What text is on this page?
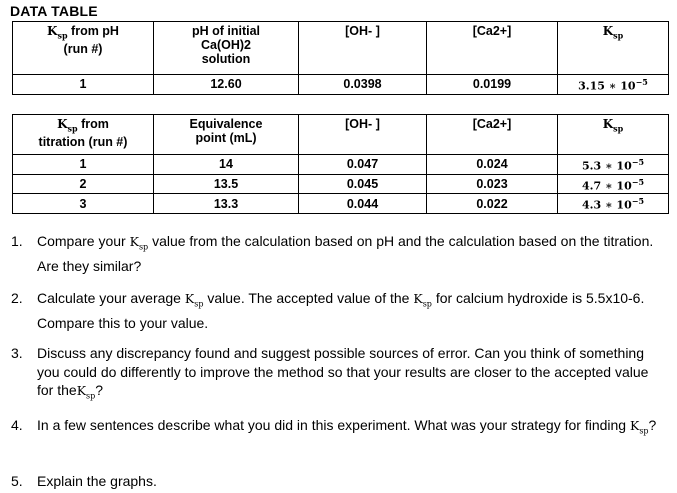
DATA TABLE
$K_{sp}$ from pH
(run #)	pH of initial
Ca(OH)2
solution	[OH- ]	[Ca2+]	$K_{sp}$
1	12.60	0.0398	0.0199	3.15 ∗ $10^{-5}$
$K_{sp}$ from
titration (run #)	Equivalence
point (mL)	[OH- ]	[Ca2+]	$K_{sp}$
1	14	0.047	0.024	5.3 ∗ $10^{-5}$
2	13.5	0.045	0.023	4.7 ∗ $10^{-5}$
3	13.3	0.044	0.022	4.3 ∗ $10^{-5}$
1. Compare your $K_{sp}$ value from the calculation based on pH and the calculation based on the titration. Are they similar?
2. Calculate your average $K_{sp}$ value. The accepted value of the $K_{sp}$ for calcium hydroxide is 5.5x10-6. Compare this to your value.
3. Discuss any discrepancy found and suggest possible sources of error. Can you think of something you could do differently to improve the method so that your results are closer to the accepted value for theK$_{sp}$?
4. In a few sentences describe what you did in this experiment. What was your strategy for finding $K_{sp}$?
5. Explain the graphs.
